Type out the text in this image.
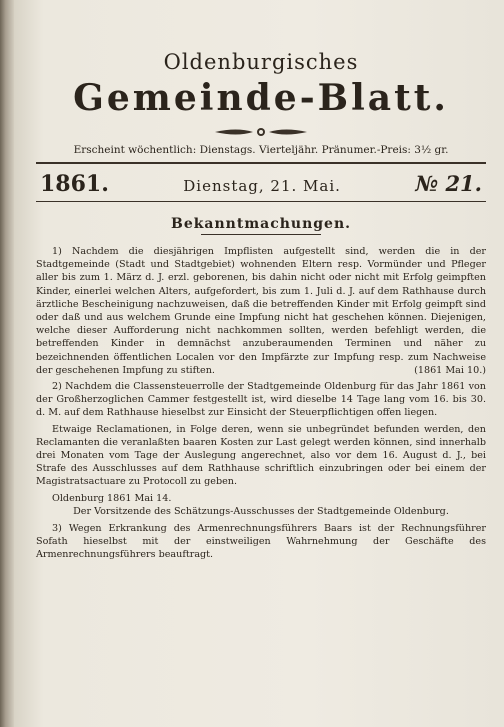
Oldenburgisches
Gemeinde-Blatt.
Erscheint wöchentlich: Dienstags. Vierteljähr. Pränumer.-Preis: 3½ gr.
1861.	Dienstag, 21. Mai.	№ 21.
Bekanntmachungen.

1) Nachdem die diesjährigen Impflisten aufgestellt sind, werden die in der Stadtgemeinde (Stadt und Stadtgebiet) wohnenden Eltern resp. Vormünder und Pfleger aller bis zum 1. März d. J. erzl. geborenen, bis dahin nicht oder nicht mit Erfolg geimpften Kinder, einerlei welchen Alters, aufgefordert, bis zum 1. Juli d. J. auf dem Rathhause durch ärztliche Bescheinigung nachzuweisen, daß die betreffenden Kinder mit Erfolg geimpft sind oder daß und aus welchem Grunde eine Impfung nicht hat geschehen können. Diejenigen, welche dieser Aufforderung nicht nachkommen sollten, werden befehligt werden, die betreffenden Kinder in demnächst anzuberaumenden Terminen und näher zu bezeichnenden öffentlichen Localen vor den Impfärzte zur Impfung resp. zum Nachweise der geschehenen Impfung zu stiften.	(1861 Mai 10.)

2) Nachdem die Classensteuerrolle der Stadtgemeinde Oldenburg für das Jahr 1861 von der Großherzoglichen Cammer festgestellt ist, wird dieselbe 14 Tage lang vom 16. bis 30. d. M. auf dem Rathhause hieselbst zur Einsicht der Steuerpflichtigen offen liegen.

Etwaige Reclamationen, in Folge deren, wenn sie unbegründet befunden werden, den Reclamanten die veranlaßten baaren Kosten zur Last gelegt werden können, sind innerhalb drei Monaten vom Tage der Auslegung angerechnet, also vor dem 16. August d. J., bei Strafe des Ausschlusses auf dem Rathhause schriftlich einzubringen oder bei einem der Magistratsactuare zu Protocoll zu geben.

Oldenburg 1861 Mai 14.
Der Vorsitzende des Schätzungs-Ausschusses der Stadtgemeinde Oldenburg.

3) Wegen Erkrankung des Armenrechnungsführers Baars ist der Rechnungsführer Sofath hieselbst mit der einstweiligen Wahrnehmung der Geschäfte des Armenrechnungsführers beauftragt.
